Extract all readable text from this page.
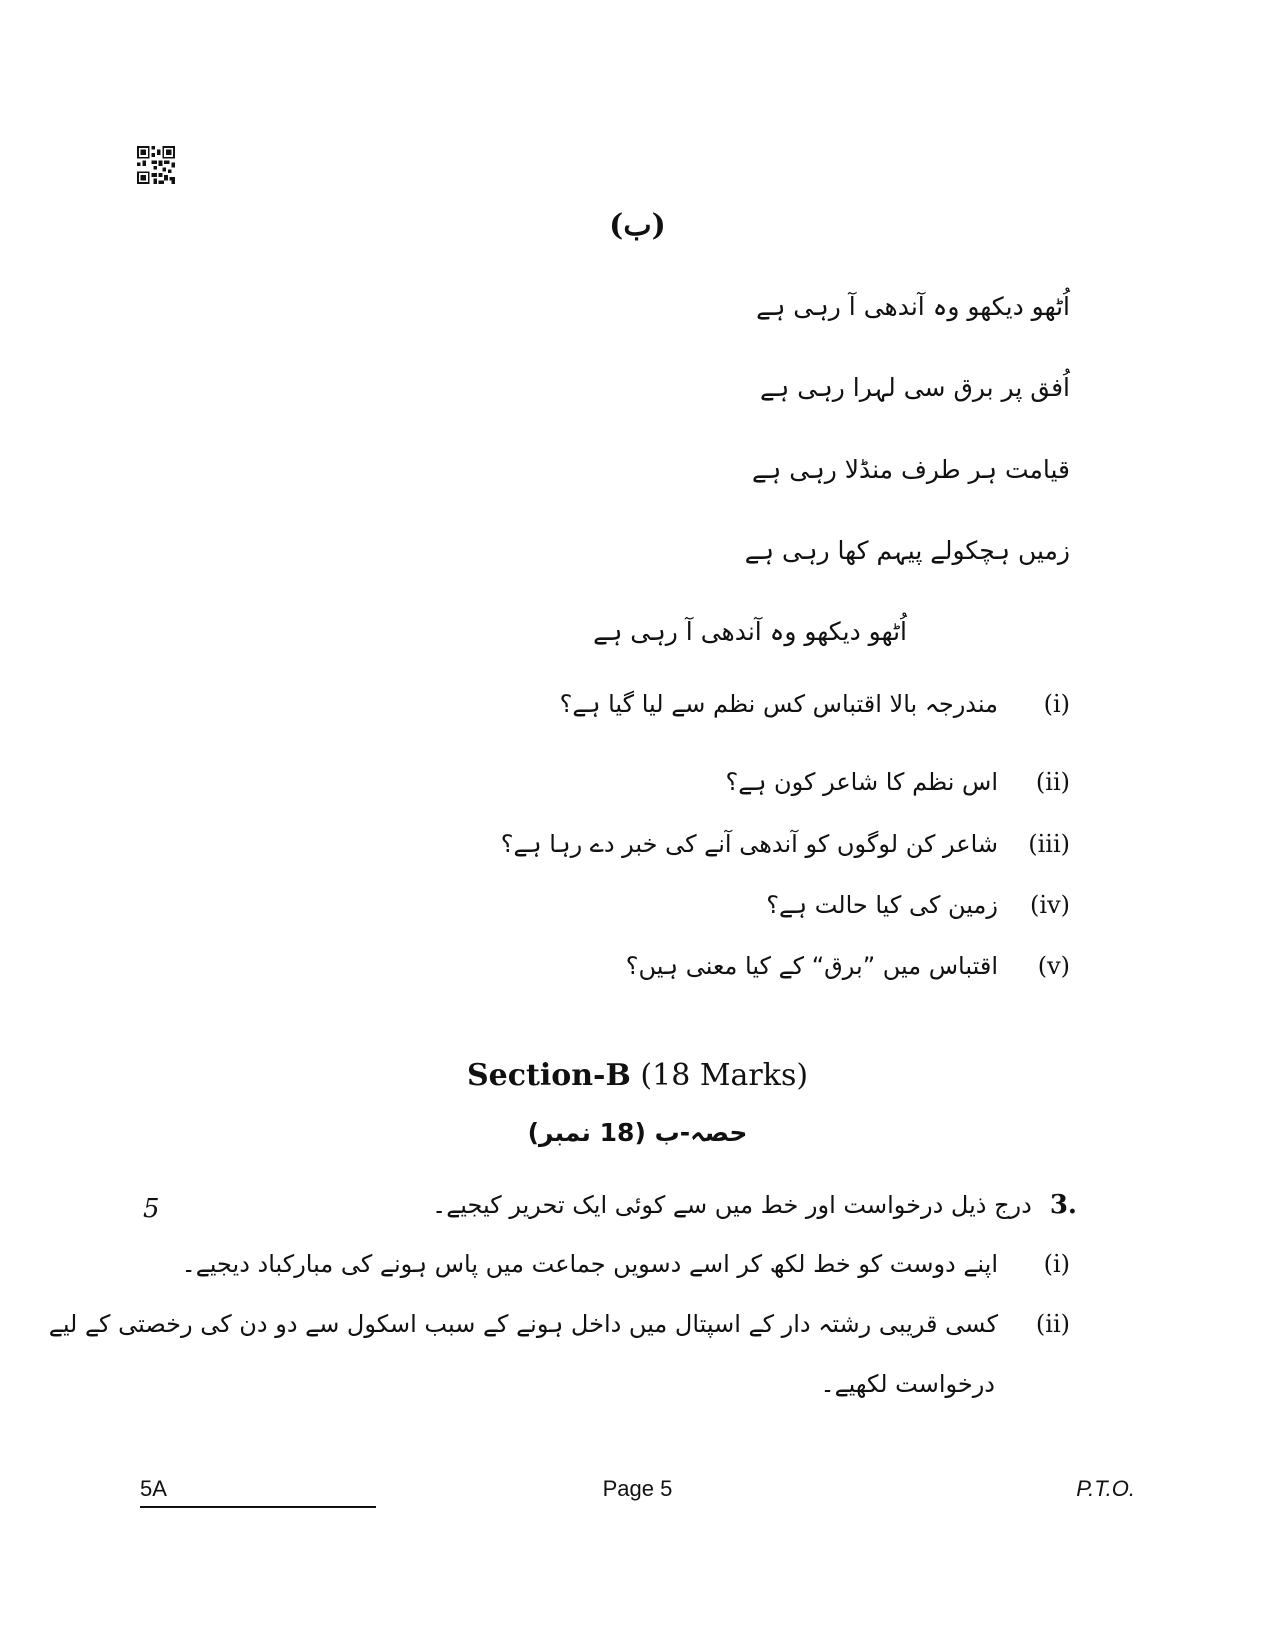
(ب)
اُٹھو دیکھو وہ آندھی آ رہی ہے
اُفق پر برق سی لہرا رہی ہے
قیامت ہر طرف منڈلا رہی ہے
زمیں ہچکولے پیہم کھا رہی ہے
اُٹھو دیکھو وہ آندھی آ رہی ہے
(i)
مندرجہ بالا اقتباس کس نظم سے لیا گیا ہے؟
(ii)
اس نظم کا شاعر کون ہے؟
(iii)
شاعر کن لوگوں کو آندھی آنے کی خبر دے رہا ہے؟
(iv)
زمین کی کیا حالت ہے؟
(v)
اقتباس میں ”برق“ کے کیا معنی ہیں؟
Section-B (18 Marks)
حصہ-ب (18 نمبر)
5	3.
درج ذیل درخواست اور خط میں سے کوئی ایک تحریر کیجیے۔
(i)
اپنے دوست کو خط لکھ کر اسے دسویں جماعت میں پاس ہونے کی مبارکباد دیجیے۔
(ii)
کسی قریبی رشتہ دار کے اسپتال میں داخل ہونے کے سبب اسکول سے دو دن کی رخصتی کے لیے
درخواست لکھیے۔
5A	Page 5	P.T.O.
